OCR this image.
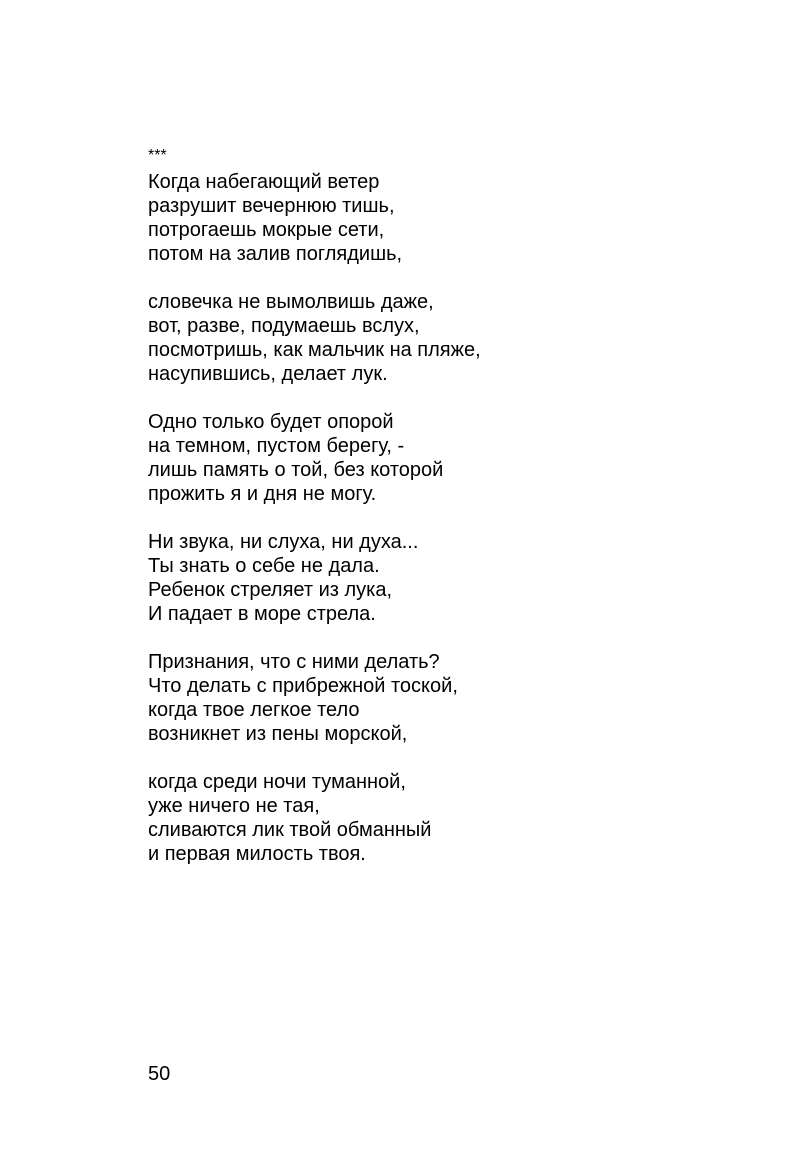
***
Когда набегающий ветер
разрушит вечернюю тишь,
потрогаешь мокрые сети,
потом на залив поглядишь,
словечка не вымолвишь даже,
вот, разве, подумаешь вслух,
посмотришь, как мальчик на пляже,
насупившись, делает лук.
Одно только будет опорой
на темном, пустом берегу, -
лишь память о той, без которой
прожить я и дня не могу.
Ни звука, ни слуха, ни духа...
Ты знать о себе не дала.
Ребенок стреляет из лука,
И падает в море стрела.
Признания, что с ними делать?
Что делать с прибрежной тоской,
когда твое легкое тело
возникнет из пены морской,
когда среди ночи туманной,
уже ничего не тая,
сливаются лик твой обманный
и первая милость твоя.
50
